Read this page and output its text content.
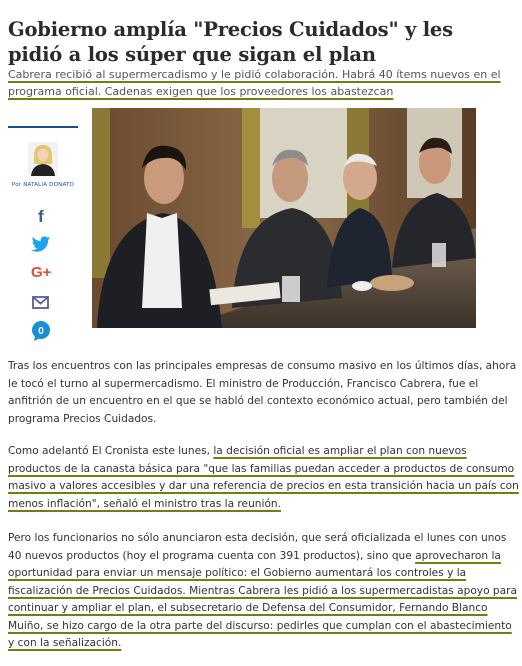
Gobierno amplía "Precios Cuidados" y les pidió a los súper que sigan el plan
Cabrera recibió al supermercadismo y le pidió colaboración. Habrá 40 ítems nuevos en el programa oficial. Cadenas exigen que los proveedores los abastezcan
Por NATALIA DONATO
f
G+
0
Tras los encuentros con las principales empresas de consumo masivo en los últimos días, ahora le tocó el turno al supermercadismo. El ministro de Producción, Francisco Cabrera, fue el anfitrión de un encuentro en el que se habló del contexto económico actual, pero también del programa Precios Cuidados.
Como adelantó El Cronista este lunes, la decisión oficial es ampliar el plan con nuevos productos de la canasta básica para "que las familias puedan acceder a productos de consumo masivo a valores accesibles y dar una referencia de precios en esta transición hacia un país con menos inflación", señaló el ministro tras la reunión.
Pero los funcionarios no sólo anunciaron esta decisión, que será oficializada el lunes con unos 40 nuevos productos (hoy el programa cuenta con 391 productos), sino que aprovecharon la oportunidad para enviar un mensaje político: el Gobierno aumentará los controles y la fiscalización de Precios Cuidados. Mientras Cabrera les pidió a los supermercadistas apoyo para continuar y ampliar el plan, el subsecretario de Defensa del Consumidor, Fernando Blanco Muiño, se hizo cargo de la otra parte del discurso: pedirles que cumplan con el abastecimiento y con la señalización.
